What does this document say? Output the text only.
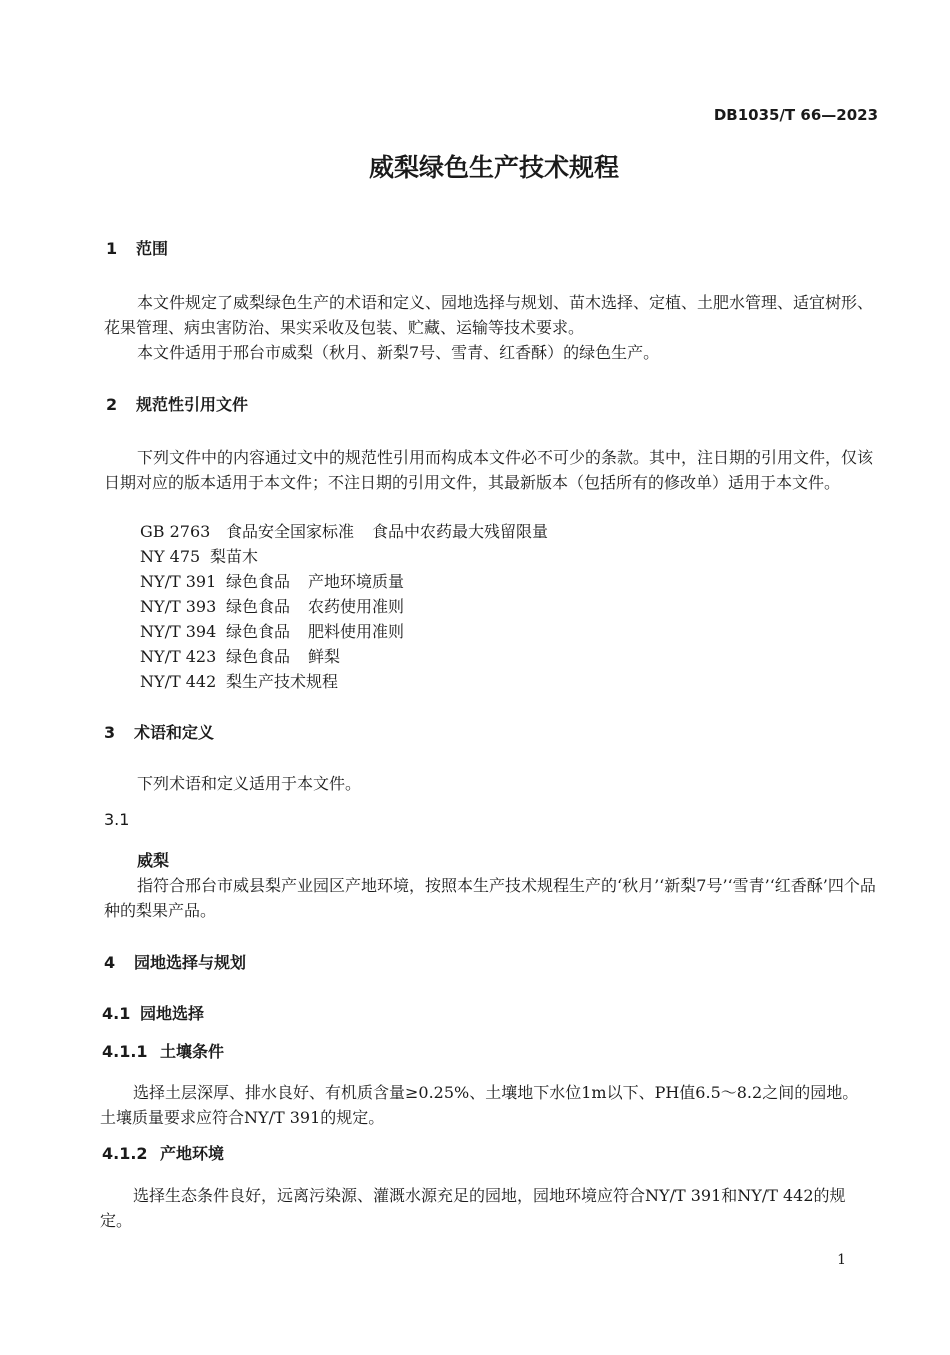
DB1035/T 66—2023
威梨绿色生产技术规程
1 范围
本文件规定了威梨绿色生产的术语和定义、园地选择与规划、苗木选择、定植、土肥水管理、适宜树形、花果管理、病虫害防治、果实采收及包装、贮藏、运输等技术要求。
本文件适用于邢台市威梨（秋月、新梨7号、雪青、红香酥）的绿色生产。
2 规范性引用文件
下列文件中的内容通过文中的规范性引用而构成本文件必不可少的条款。其中，注日期的引用文件，仅该日期对应的版本适用于本文件；不注日期的引用文件，其最新版本（包括所有的修改单）适用于本文件。
GB 2763 食品安全国家标准 食品中农药最大残留限量
NY 475 梨苗木
NY/T 391 绿色食品 产地环境质量
NY/T 393 绿色食品 农药使用准则
NY/T 394 绿色食品 肥料使用准则
NY/T 423 绿色食品 鲜梨
NY/T 442 梨生产技术规程
3 术语和定义
下列术语和定义适用于本文件。
3.1
威梨
指符合邢台市威县梨产业园区产地环境，按照本生产技术规程生产的‘秋月’‘新梨7号’‘雪青’‘红香酥’四个品种的梨果产品。
4 园地选择与规划
4.1 园地选择
4.1.1 土壤条件
选择土层深厚、排水良好、有机质含量≥0.25%、土壤地下水位1m以下、PH值6.5～8.2之间的园地。土壤质量要求应符合NY/T 391的规定。
4.1.2 产地环境
选择生态条件良好，远离污染源、灌溉水源充足的园地，园地环境应符合NY/T 391和NY/T 442的规定。
1
